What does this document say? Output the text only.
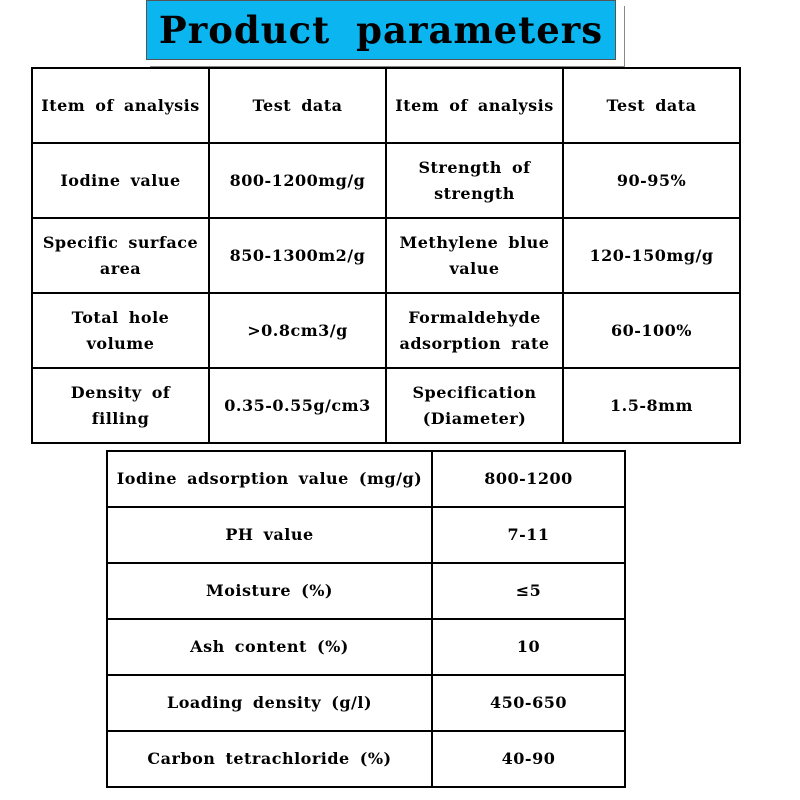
Product parameters
Item of analysis	Test data	Item of analysis	Test data
Iodine value	800-1200mg/g	Strength of strength	90-95%
Specific surface area	850-1300m2/g	Methylene blue value	120-150mg/g
Total hole volume	>0.8cm3/g	Formaldehyde adsorption rate	60-100%
Density of filling	0.35-0.55g/cm3	Specification (Diameter)	1.5-8mm
Iodine adsorption value (mg/g)	800-1200
PH value	7-11
Moisture (%)	≤5
Ash content (%)	10
Loading density (g/l)	450-650
Carbon tetrachloride (%)	40-90
